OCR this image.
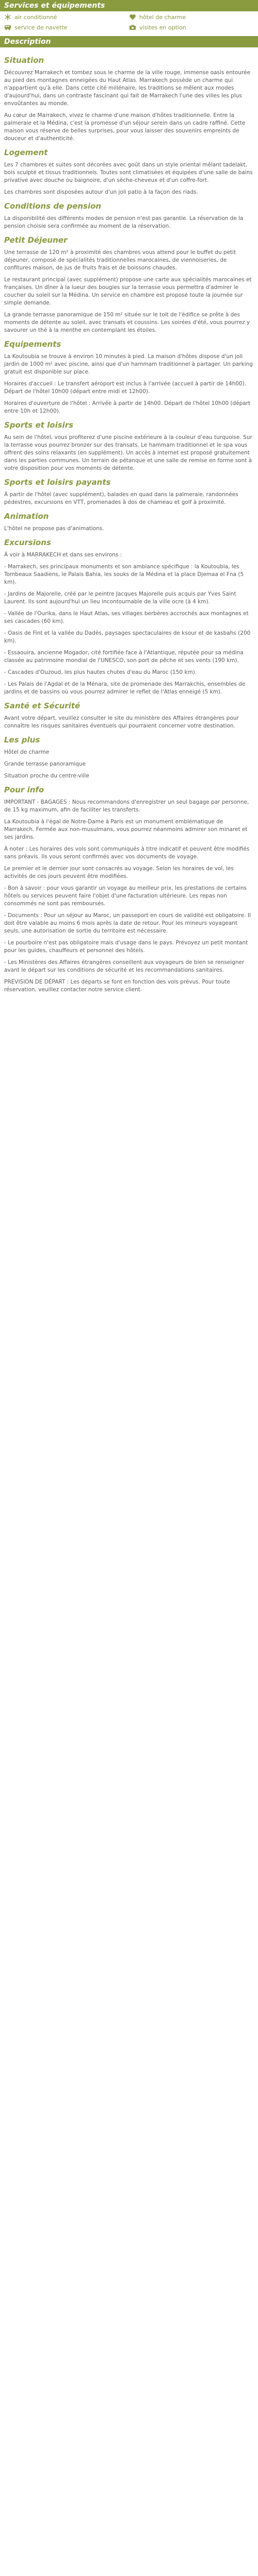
Services et équipements
air conditionné	hôtel de charme
service de navette	visites en option
Description
Situation

Découvrez Marrakech et tombez sous le charme de la ville rouge, immense oasis entourée au pied des montagnes enneigées du Haut Atlas. Marrakech possède un charme qui n'appartient qu'à elle. Dans cette cité millénaire, les traditions se mêlent aux modes d'aujourd'hui, dans un contraste fascinant qui fait de Marrakech l'une des villes les plus envoûtantes au monde.

Au cœur de Marrakech, vivez le charme d'une maison d'hôtes traditionnelle. Entre la palmeraie et la Médina, c'est la promesse d'un séjour serein dans un cadre raffiné. Cette maison vous réserve de belles surprises, pour vous laisser des souvenirs empreints de douceur et d'authenticité.

Logement

Les 7 chambres et suites sont décorées avec goût dans un style oriental mêlant tadelakt, bois sculpté et tissus traditionnels. Toutes sont climatisées et équipées d'une salle de bains privative avec douche ou baignoire, d'un sèche-cheveux et d'un coffre-fort.

Les chambres sont disposées autour d'un joli patio à la façon des riads.

Conditions de pension

La disponibilité des différents modes de pension n'est pas garantie. La réservation de la pension choisie sera confirmée au moment de la réservation.

Petit Déjeuner

Une terrasse de 120 m² à proximité des chambres vous attend pour le buffet du petit déjeuner, composé de spécialités traditionnelles marocaines, de viennoiseries, de confitures maison, de jus de fruits frais et de boissons chaudes.

Le restaurant principal (avec supplément) propose une carte aux spécialités marocaines et françaises. Un dîner à la lueur des bougies sur la terrasse vous permettra d'admirer le coucher du soleil sur la Médina. Un service en chambre est proposé toute la journée sur simple demande.

La grande terrasse panoramique de 150 m² située sur le toit de l'édifice se prête à des moments de détente au soleil, avec transats et coussins. Les soirées d'été, vous pourrez y savourer un thé à la menthe en contemplant les étoiles.

Equipements

La Koutoubia se trouve à environ 10 minutes à pied. La maison d'hôtes dispose d'un joli jardin de 1000 m² avec piscine, ainsi que d'un hammam traditionnel à partager. Un parking gratuit est disponible sur place.

Horaires d'accueil : Le transfert aéroport est inclus à l'arrivée (accueil à partir de 14h00). Départ de l'hôtel 10h00 (départ entre midi et 12h00).

Horaires d'ouverture de l'hôtel : Arrivée à partir de 14h00. Départ de l'hôtel 10h00 (départ entre 10h et 12h00).

Sports et loisirs

Au sein de l'hôtel, vous profiterez d'une piscine extérieure à la couleur d'eau turquoise. Sur la terrasse vous pourrez bronzer sur des transats. Le hammam traditionnel et le spa vous offrent des soins relaxants (en supplément). Un accès à internet est proposé gratuitement dans les parties communes. Un terrain de pétanque et une salle de remise en forme sont à votre disposition pour vos moments de détente.

Sports et loisirs payants

À partir de l'hôtel (avec supplément), balades en quad dans la palmeraie, randonnées pédestres, excursions en VTT, promenades à dos de chameau et golf à proximité.

Animation

L'hôtel ne propose pas d'animations.

Excursions

À voir à MARRAKECH et dans ses environs :

- Marrakech, ses principaux monuments et son ambiance spécifique : la Koutoubia, les Tombeaux Saadiens, le Palais Bahia, les souks de la Médina et la place Djemaa el Fna (5 km).

- Jardins de Majorelle, créé par le peintre Jacques Majorelle puis acquis par Yves Saint Laurent. Ils sont aujourd'hui un lieu incontournable de la ville ocre (à 4 km).

- Vallée de l'Ourika, dans le Haut Atlas, ses villages berbères accrochés aux montagnes et ses cascades (60 km).

- Oasis de Fint et la vallée du Dadès, paysages spectaculaires de ksour et de kasbahs (200 km).

- Essaouira, ancienne Mogador, cité fortifiée face à l'Atlantique, réputée pour sa médina classée au patrimoine mondial de l'UNESCO, son port de pêche et ses vents (190 km).

- Cascades d'Ouzoud, les plus hautes chutes d'eau du Maroc (150 km).

- Les Palais de l'Agdal et de la Ménara, site de promenade des Marrakchis, ensembles de jardins et de bassins où vous pourrez admirer le reflet de l'Atlas enneigé (5 km).

Santé et Sécurité

Avant votre départ, veuillez consulter le site du ministère des Affaires étrangères pour connaître les risques sanitaires éventuels qui pourraient concerner votre destination.

Les plus

Hôtel de charme

Grande terrasse panoramique

Situation proche du centre-ville

Pour info

IMPORTANT - BAGAGES : Nous recommandons d'enregistrer un seul bagage par personne, de 15 kg maximum, afin de faciliter les transferts.

La Koutoubia à l'égal de Notre-Dame à Paris est un monument emblématique de Marrakech. Fermée aux non-musulmans, vous pourrez néanmoins admirer son minaret et ses jardins.

À noter : Les horaires des vols sont communiqués à titre indicatif et peuvent être modifiés sans préavis. Ils vous seront confirmés avec vos documents de voyage.

Le premier et le dernier jour sont consacrés au voyage. Selon les horaires de vol, les activités de ces jours peuvent être modifiées.

- Bon à savoir : pour vous garantir un voyage au meilleur prix, les prestations de certains hôtels ou services peuvent faire l'objet d'une facturation ultérieure. Les repas non consommés ne sont pas remboursés.

- Documents : Pour un séjour au Maroc, un passeport en cours de validité est obligatoire. Il doit être valable au moins 6 mois après la date de retour. Pour les mineurs voyageant seuls, une autorisation de sortie du territoire est nécessaire.

- Le pourboire n'est pas obligatoire mais d'usage dans le pays. Prévoyez un petit montant pour les guides, chauffeurs et personnel des hôtels.

- Les Ministères des Affaires étrangères conseillent aux voyageurs de bien se renseigner avant le départ sur les conditions de sécurité et les recommandations sanitaires.

PRÉVISION DE DÉPART : Les départs se font en fonction des vols prévus. Pour toute réservation, veuillez contacter notre service client.
